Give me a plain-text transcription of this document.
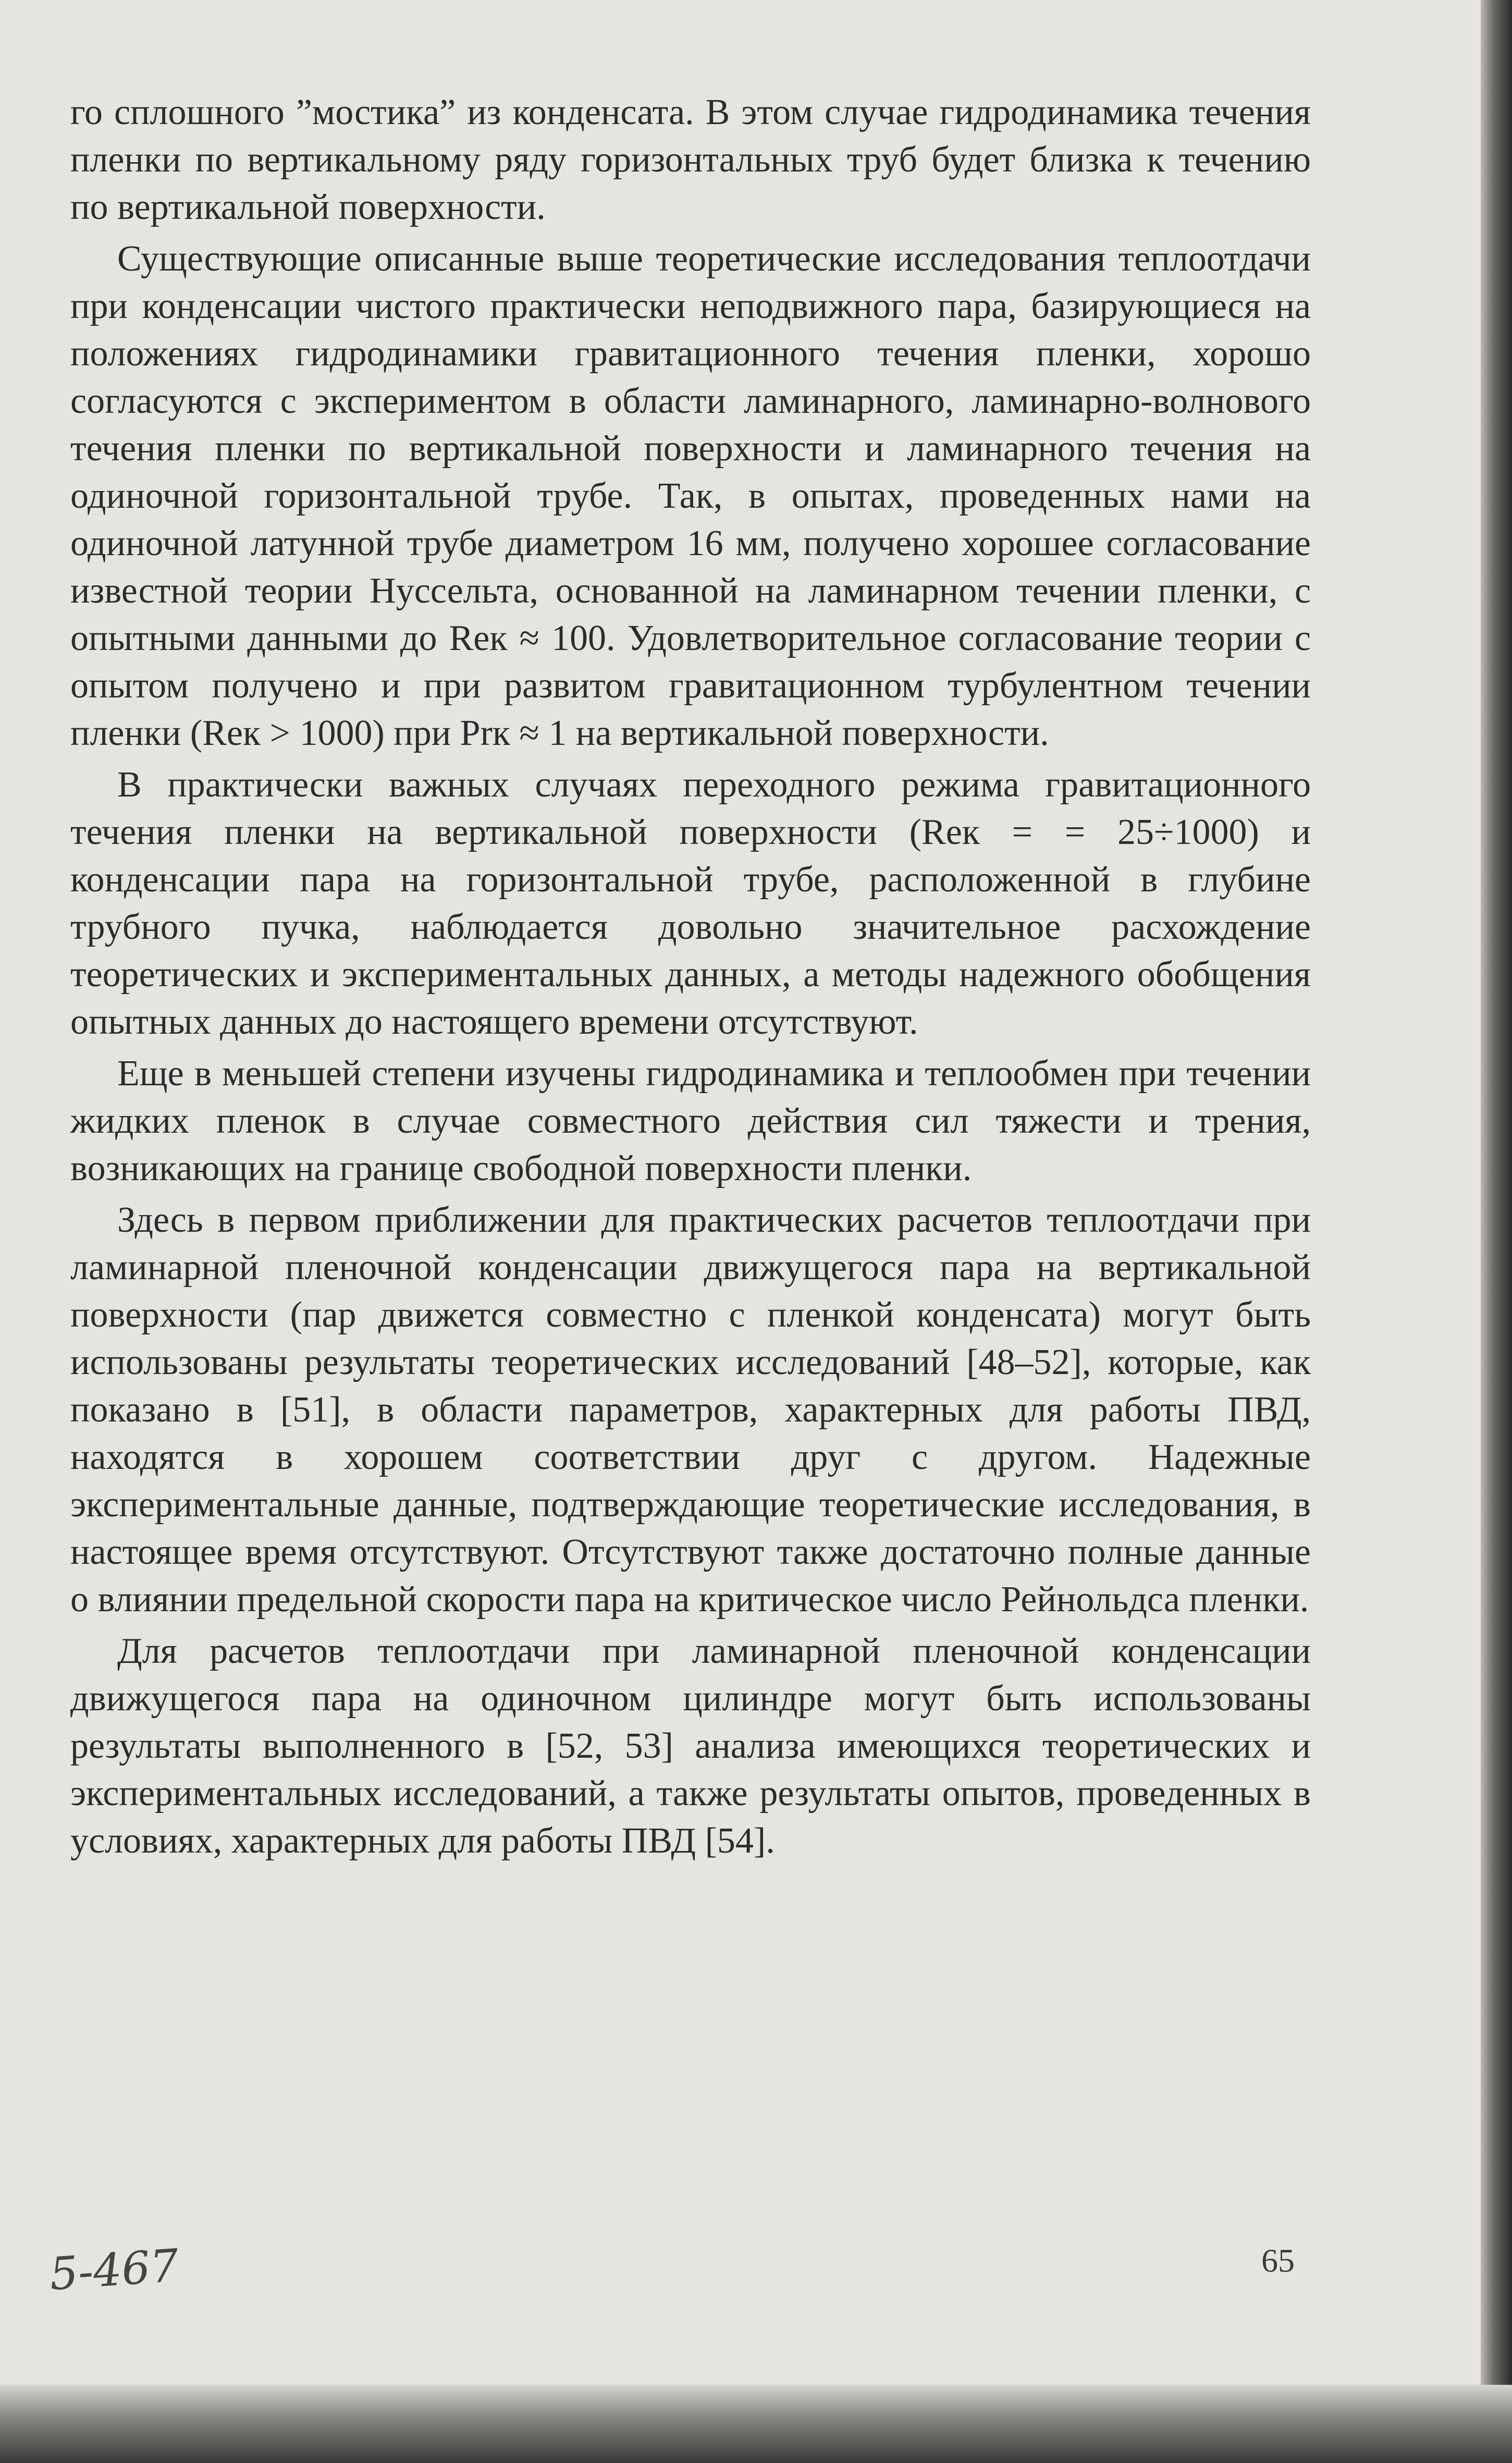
го сплошного ”мостика” из конденсата. В этом случае гидродинамика течения пленки по вертикальному ряду горизонтальных труб будет близка к течению по вертикальной поверхности.

Существующие описанные выше теоретические исследования теплоотдачи при конденсации чистого практически неподвижного пара, базирующиеся на положениях гидродинамики гравитационного течения пленки, хорошо согласуются с экспериментом в области ламинарного, ламинарно-волнового течения пленки по вертикальной поверхности и ламинарного течения на одиночной горизонтальной трубе. Так, в опытах, проведенных нами на одиночной латунной трубе диаметром 16 мм, получено хорошее согласование известной теории Нуссельта, основанной на ламинарном течении пленки, с опытными данными до Reк ≈ 100. Удовлетворительное согласование теории с опытом получено и при развитом гравитационном турбулентном течении пленки (Reк > 1000) при Prк ≈ 1 на вертикальной поверхности.

В практически важных случаях переходного режима гравитационного течения пленки на вертикальной поверхности (Reк = = 25÷1000) и конденсации пара на горизонтальной трубе, расположенной в глубине трубного пучка, наблюдается довольно значительное расхождение теоретических и экспериментальных данных, а методы надежного обобщения опытных данных до настоящего времени отсутствуют.

Еще в меньшей степени изучены гидродинамика и теплообмен при течении жидких пленок в случае совместного действия сил тяжести и трения, возникающих на границе свободной поверхности пленки.

Здесь в первом приближении для практических расчетов теплоотдачи при ламинарной пленочной конденсации движущегося пара на вертикальной поверхности (пар движется совместно с пленкой конденсата) могут быть использованы результаты теоретических исследований [48–52], которые, как показано в [51], в области параметров, характерных для работы ПВД, находятся в хорошем соответствии друг с другом. Надежные экспериментальные данные, подтверждающие теоретические исследования, в настоящее время отсутствуют. Отсутствуют также достаточно полные данные о влиянии предельной скорости пара на критическое число Рейнольдса пленки.

Для расчетов теплоотдачи при ламинарной пленочной конденсации движущегося пара на одиночном цилиндре могут быть использованы результаты выполненного в [52, 53] анализа имеющихся теоретических и экспериментальных исследований, а также результаты опытов, проведенных в условиях, характерных для работы ПВД [54].

5-467	65
